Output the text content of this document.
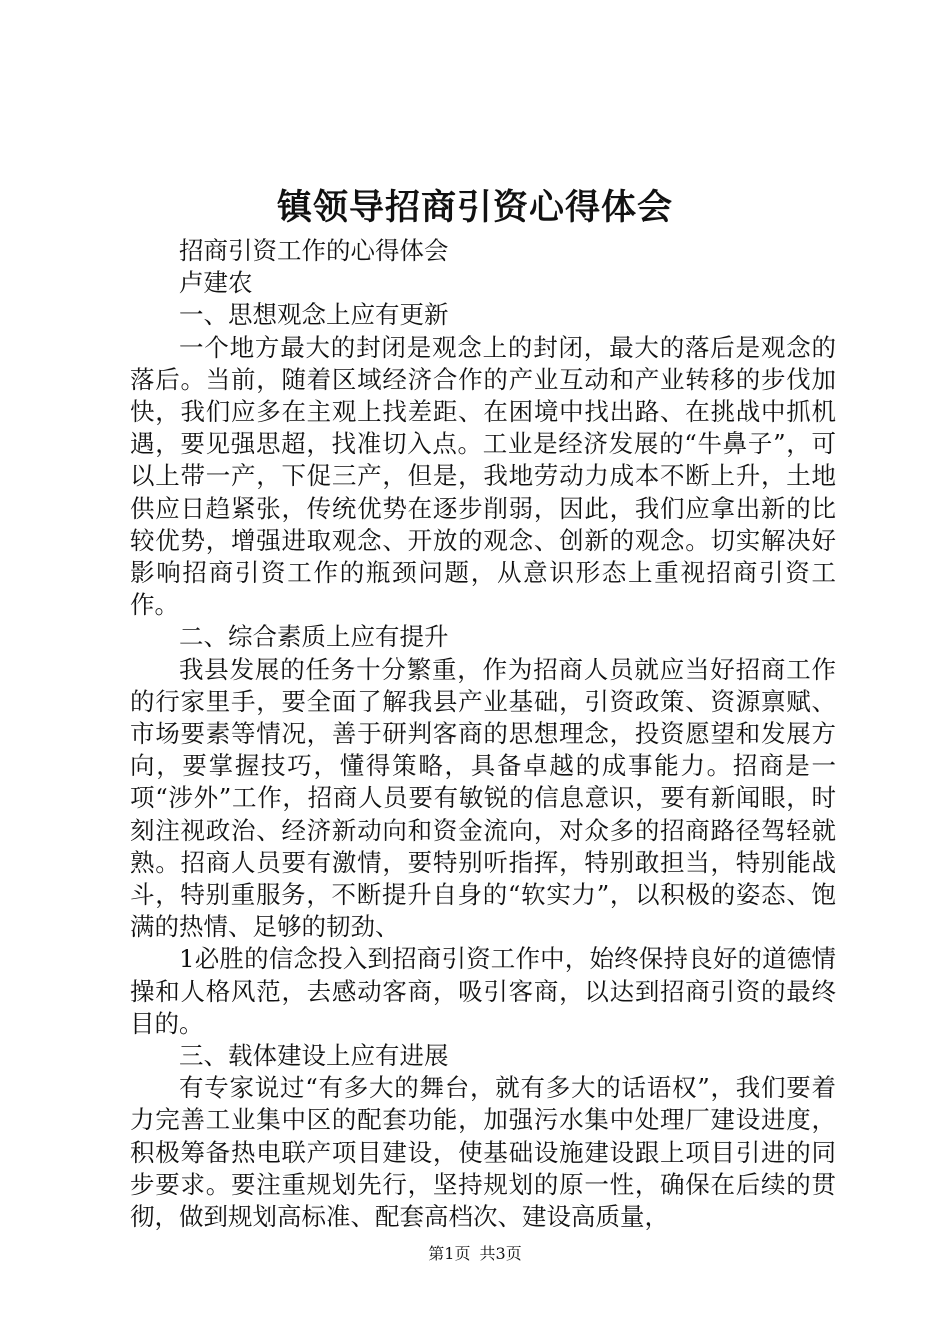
镇领导招商引资心得体会

招商引资工作的心得体会

卢建农

一、思想观念上应有更新

一个地方最大的封闭是观念上的封闭，最大的落后是观念的落后。当前，随着区域经济合作的产业互动和产业转移的步伐加快，我们应多在主观上找差距、在困境中找出路、在挑战中抓机遇，要见强思超，找准切入点。工业是经济发展的“牛鼻子”，可以上带一产，下促三产，但是，我地劳动力成本不断上升，土地供应日趋紧张，传统优势在逐步削弱，因此，我们应拿出新的比较优势，增强进取观念、开放的观念、创新的观念。切实解决好影响招商引资工作的瓶颈问题，从意识形态上重视招商引资工作。

二、综合素质上应有提升

我县发展的任务十分繁重，作为招商人员就应当好招商工作的行家里手，要全面了解我县产业基础，引资政策、资源禀赋、市场要素等情况，善于研判客商的思想理念，投资愿望和发展方向，要掌握技巧，懂得策略，具备卓越的成事能力。招商是一项“涉外”工作，招商人员要有敏锐的信息意识，要有新闻眼，时刻注视政治、经济新动向和资金流向，对众多的招商路径驾轻就熟。招商人员要有激情，要特别听指挥，特别敢担当，特别能战斗，特别重服务，不断提升自身的“软实力”，以积极的姿态、饱满的热情、足够的韧劲、

1必胜的信念投入到招商引资工作中，始终保持良好的道德情操和人格风范，去感动客商，吸引客商，以达到招商引资的最终目的。

三、载体建设上应有进展

有专家说过“有多大的舞台，就有多大的话语权”，我们要着力完善工业集中区的配套功能，加强污水集中处理厂建设进度，积极筹备热电联产项目建设，使基础设施建设跟上项目引进的同步要求。要注重规划先行，坚持规划的原一性，确保在后续的贯彻，做到规划高标准、配套高档次、建设高质量，

第1页 共3页
